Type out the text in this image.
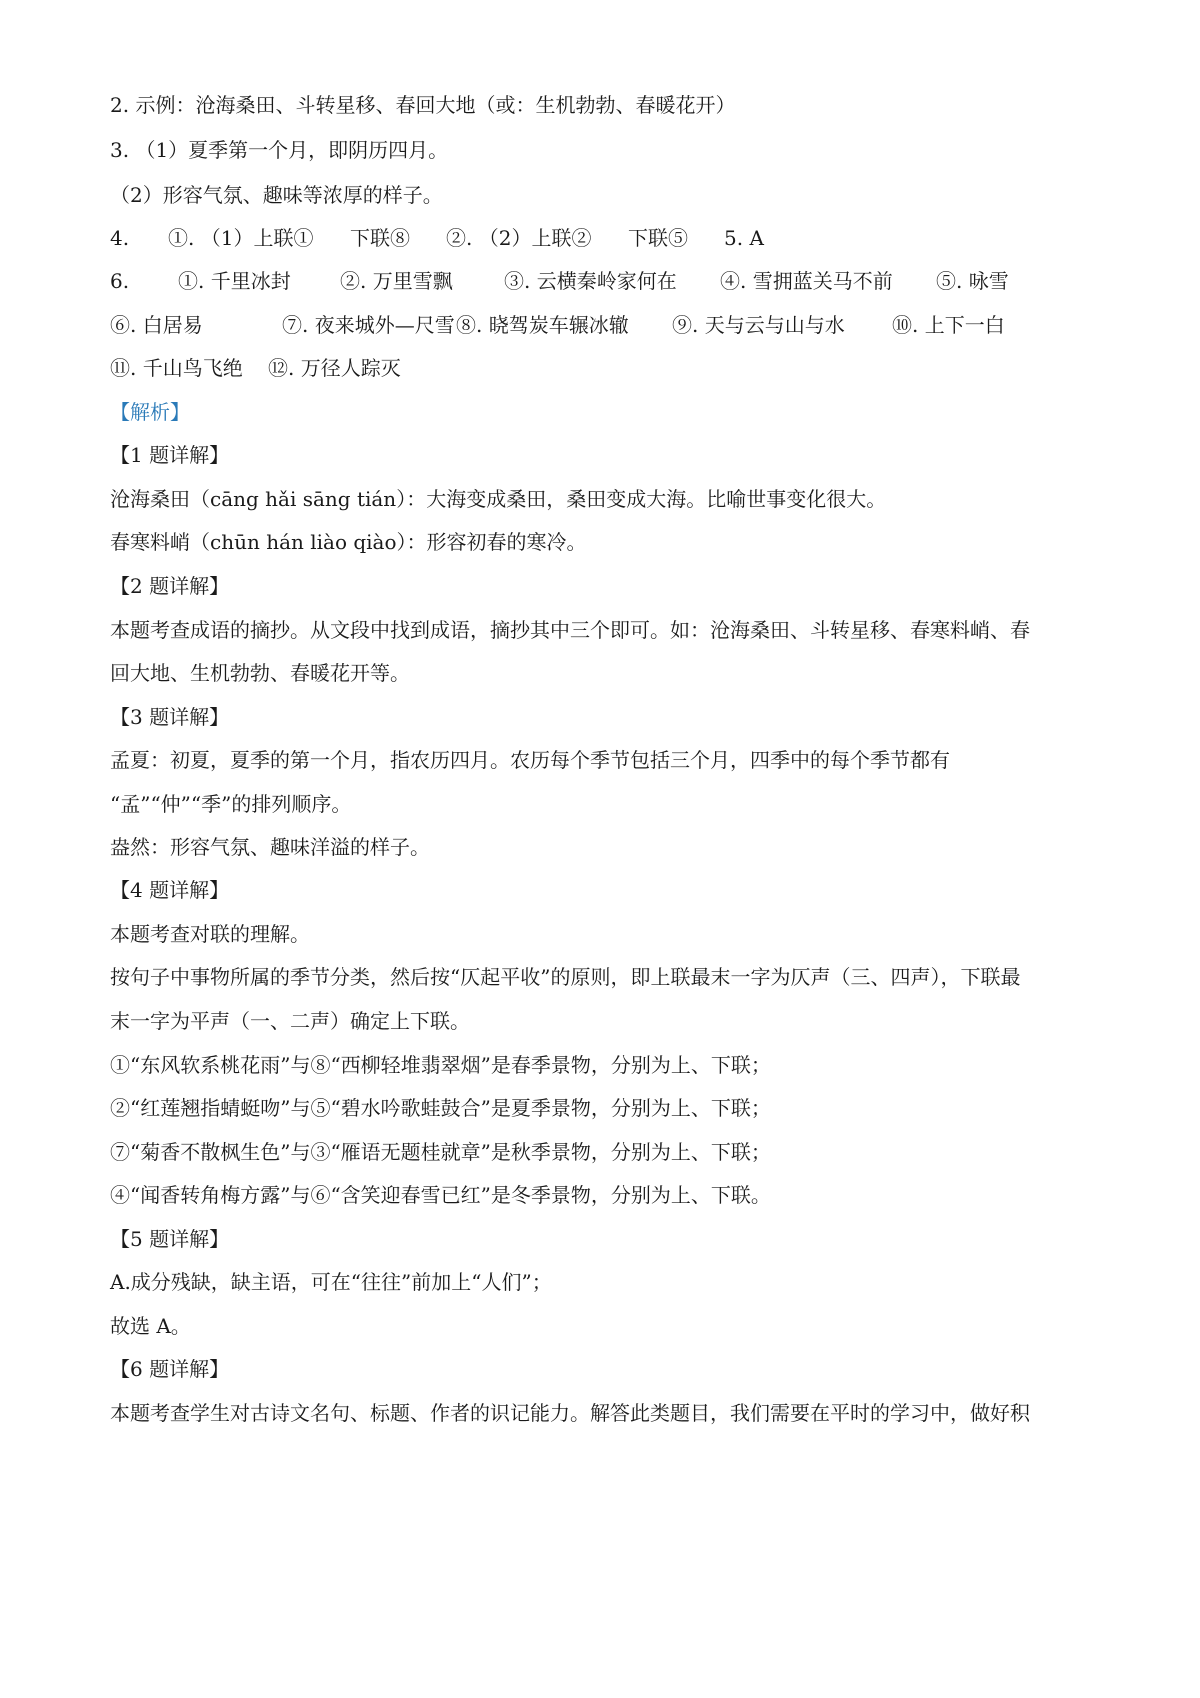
2. 示例：沧海桑田、斗转星移、春回大地（或：生机勃勃、春暖花开）
3. （1）夏季第一个月，即阴历四月。
（2）形容气氛、趣味等浓厚的样子。
4. ①. （1）上联① 下联⑧ ②. （2）上联② 下联⑤ 5. A
6. ①. 千里冰封 ②. 万里雪飘	③. 云横秦岭家何在 ④. 雪拥蓝关马不前 ⑤. 咏雪
⑥. 白居易	⑦. 夜来城外—尺雪 ⑧. 晓驾炭车辗冰辙 ⑨. 天与云与山与水 ⑩. 上下一白
⑪. 千山鸟飞绝 ⑫. 万径人踪灭
【解析】
【1 题详解】
沧海桑田（cāng hǎi sāng tián）：大海变成桑田，桑田变成大海。比喻世事变化很大。
春寒料峭（chūn hán liào qiào）：形容初春的寒冷。
【2 题详解】
本题考查成语的摘抄。从文段中找到成语，摘抄其中三个即可。如：沧海桑田、斗转星移、春寒料峭、春
回大地、生机勃勃、春暖花开等。
【3 题详解】
孟夏：初夏，夏季的第一个月，指农历四月。农历每个季节包括三个月，四季中的每个季节都有
“孟”“仲”“季”的排列顺序。
盎然：形容气氛、趣味洋溢的样子。
【4 题详解】
本题考查对联的理解。
按句子中事物所属的季节分类，然后按“仄起平收”的原则，即上联最末一字为仄声（三、四声），下联最
末一字为平声（一、二声）确定上下联。
①“东风软系桃花雨”与⑧“西柳轻堆翡翠烟”是春季景物，分别为上、下联；
②“红莲翘指蜻蜓吻”与⑤“碧水吟歌蛙鼓合”是夏季景物，分别为上、下联；
⑦“菊香不散枫生色”与③“雁语无题桂就章”是秋季景物，分别为上、下联；
④“闻香转角梅方露”与⑥“含笑迎春雪已红”是冬季景物，分别为上、下联。
【5 题详解】
A.成分残缺，缺主语，可在“往往”前加上“人们”；
故选 A。
【6 题详解】
本题考查学生对古诗文名句、标题、作者的识记能力。解答此类题目，我们需要在平时的学习中，做好积
